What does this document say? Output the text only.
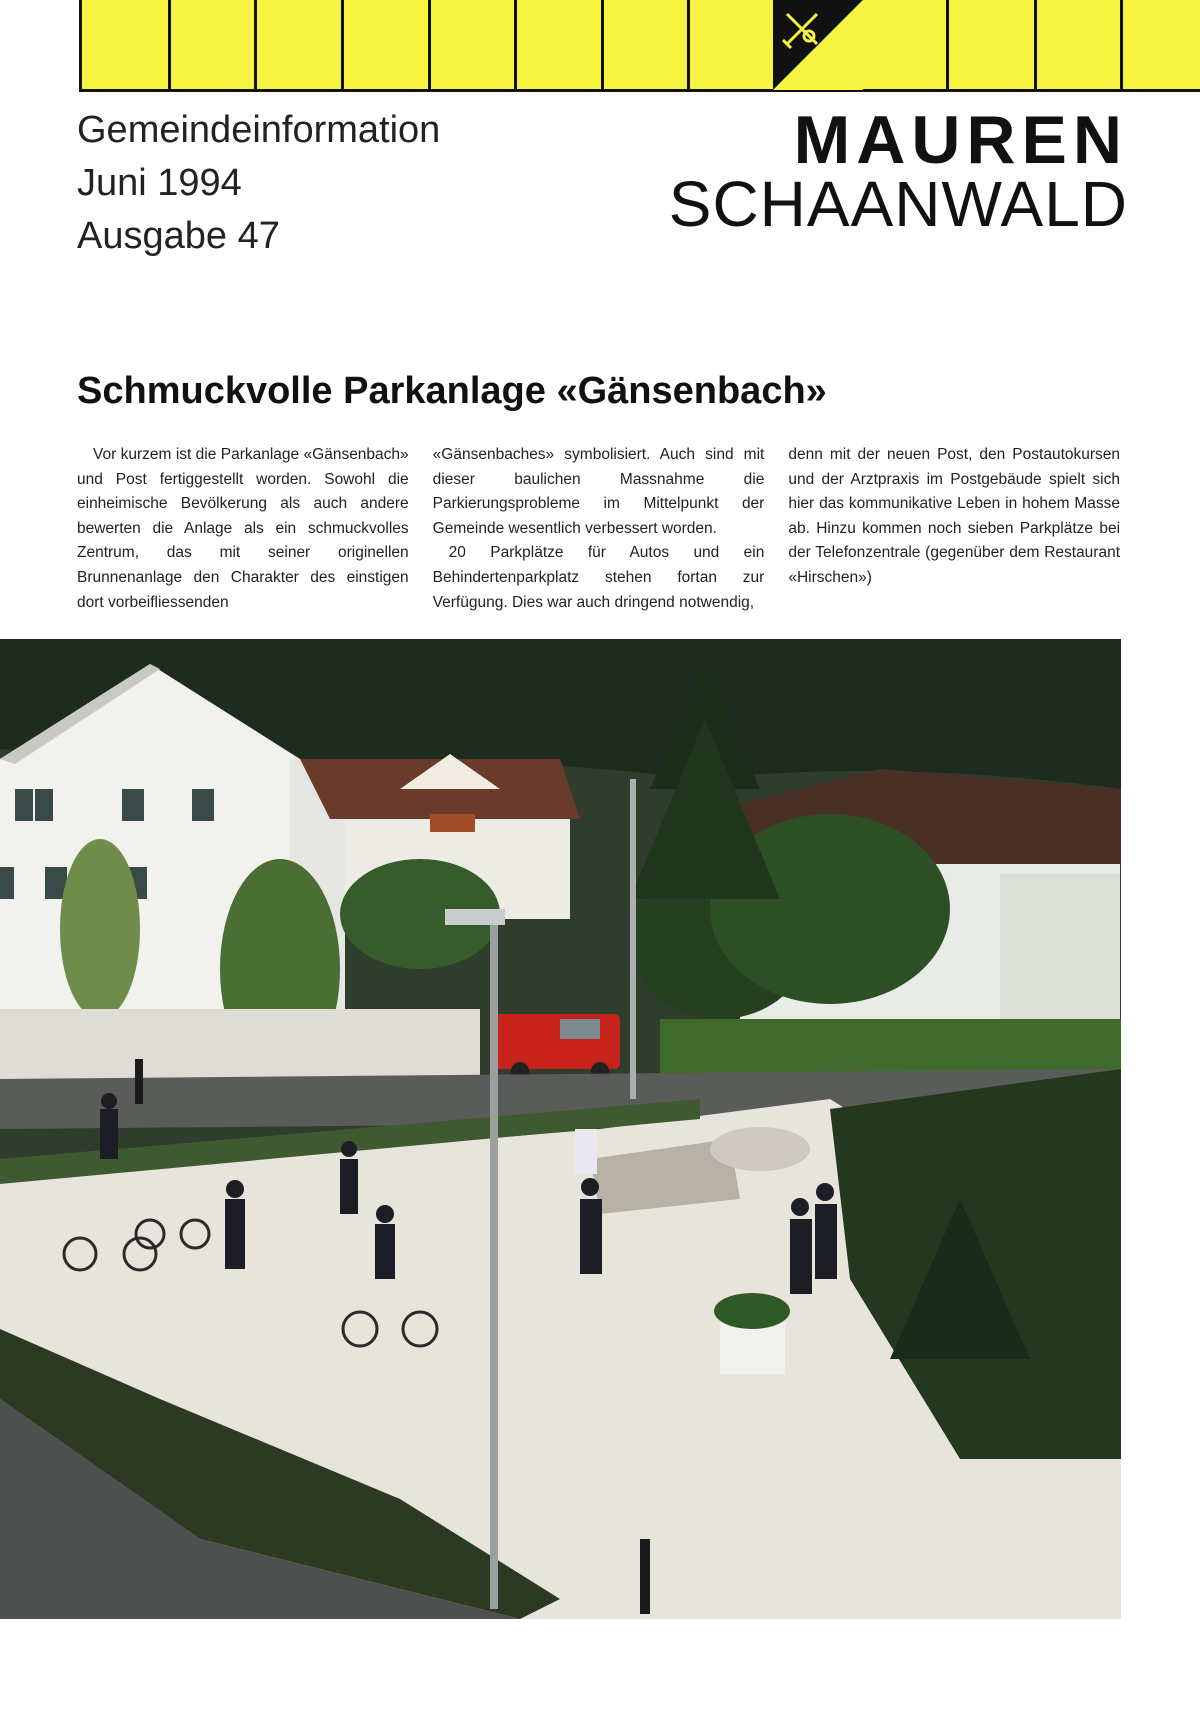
Gemeindeinformation
Juni 1994
Ausgabe 47
MAUREN
SCHAANWALD
Schmuckvolle Parkanlage «Gänsenbach»

Vor kurzem ist die Parkanlage «Gänsenbach» und Post fertiggestellt worden. Sowohl die einheimische Bevölkerung als auch andere bewerten die Anlage als ein schmuckvolles Zentrum, das mit seiner originellen Brunnenanlage den Charakter des einstigen dort vorbeifliessenden

«Gänsenbaches» symbolisiert. Auch sind mit dieser baulichen Massnahme die Parkierungsprobleme im Mittelpunkt der Gemeinde wesentlich verbessert worden.

20 Parkplätze für Autos und ein Behindertenparkplatz stehen fortan zur Verfügung. Dies war auch dringend notwendig,

denn mit der neuen Post, den Postautokursen und der Arztpraxis im Postgebäude spielt sich hier das kommunikative Leben in hohem Masse ab. Hinzu kommen noch sieben Parkplätze bei der Telefonzentrale (gegenüber dem Restaurant «Hirschen»)
